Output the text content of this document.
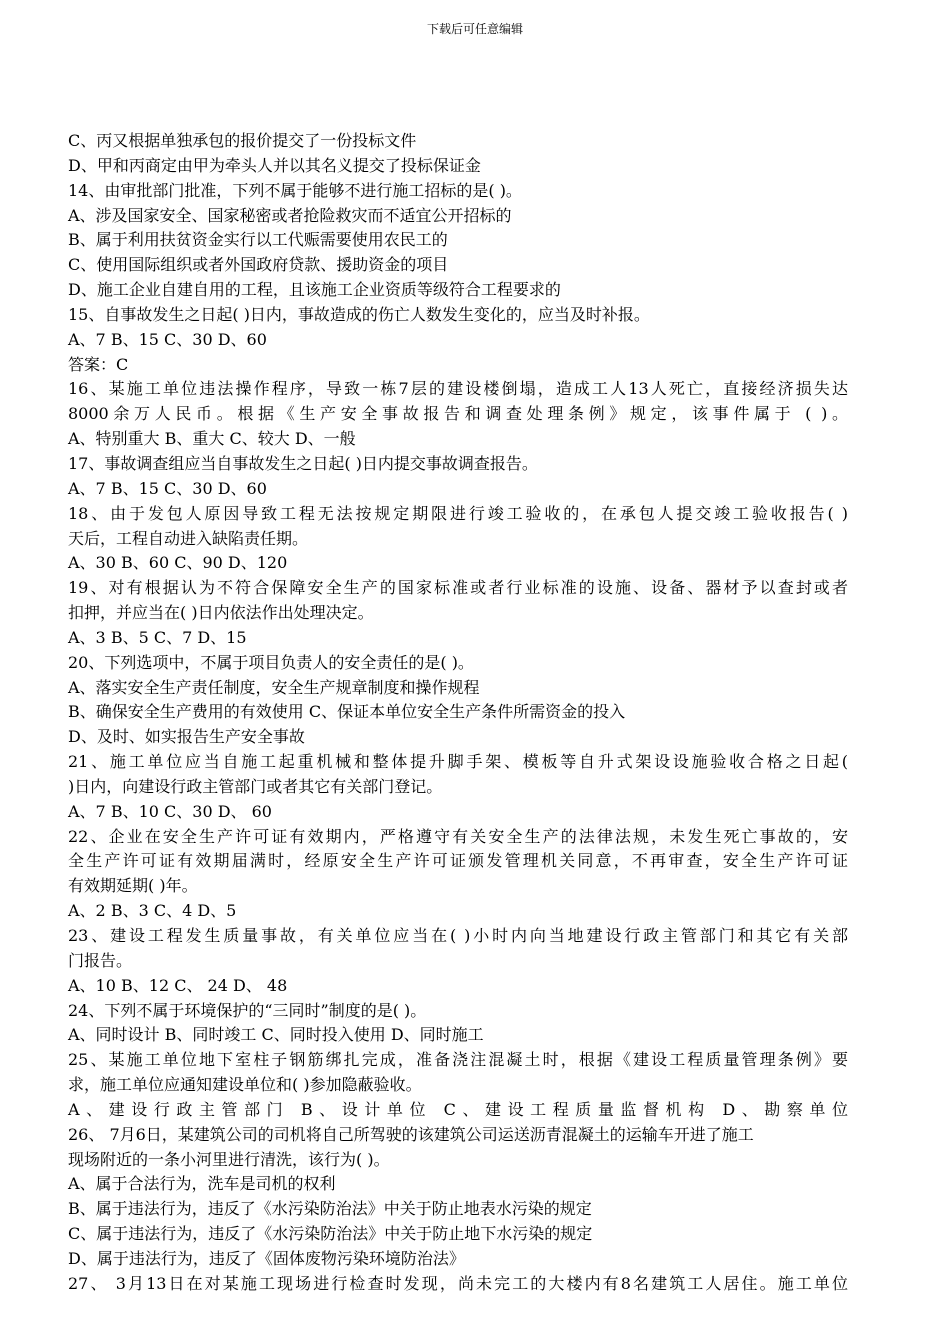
下载后可任意编辑
C、丙又根据单独承包的报价提交了一份投标文件
D、甲和丙商定由甲为牵头人并以其名义提交了投标保证金
14、由审批部门批准，下列不属于能够不进行施工招标的是( )。
A、涉及国家安全、国家秘密或者抢险救灾而不适宜公开招标的
B、属于利用扶贫资金实行以工代赈需要使用农民工的
C、使用国际组织或者外国政府贷款、援助资金的项目
D、施工企业自建自用的工程，且该施工企业资质等级符合工程要求的
15、自事故发生之日起( )日内，事故造成的伤亡人数发生变化的，应当及时补报。
A、7 B、15 C、30 D、60
答案：C
16、某施工单位违法操作程序，导致一栋7层的建设楼倒塌，造成工人13人死亡，直接经济损失达
8000余万人民币。根据《生产安全事故报告和调查处理条例》规定，该事件属于 ( )。
A、特别重大 B、重大 C、较大 D、一般
17、事故调查组应当自事故发生之日起( )日内提交事故调查报告。
A、7 B、15 C、30 D、60
18、由于发包人原因导致工程无法按规定期限进行竣工验收的，在承包人提交竣工验收报告( )
天后，工程自动进入缺陷责任期。
A、30 B、60 C、90 D、120
19、对有根据认为不符合保障安全生产的国家标准或者行业标准的设施、设备、器材予以查封或者
扣押，并应当在( )日内依法作出处理决定。
A、3 B、5 C、7 D、15
20、下列选项中，不属于项目负责人的安全责任的是( )。
A、落实安全生产责任制度，安全生产规章制度和操作规程
B、确保安全生产费用的有效使用 C、保证本单位安全生产条件所需资金的投入
D、及时、如实报告生产安全事故
21、施工单位应当自施工起重机械和整体提升脚手架、模板等自升式架设设施验收合格之日起(
)日内，向建设行政主管部门或者其它有关部门登记。
A、7 B、10 C、30 D、 60
22、企业在安全生产许可证有效期内，严格遵守有关安全生产的法律法规，未发生死亡事故的，安
全生产许可证有效期届满时，经原安全生产许可证颁发管理机关同意，不再审查，安全生产许可证
有效期延期( )年。
A、2 B、3 C、4 D、5
23、建设工程发生质量事故，有关单位应当在( )小时内向当地建设行政主管部门和其它有关部
门报告。
A、10 B、12 C、 24 D、 48
24、下列不属于环境保护的“三同时”制度的是( )。
A、同时设计 B、同时竣工 C、同时投入使用 D、同时施工
25、某施工单位地下室柱子钢筋绑扎完成，准备浇注混凝土时，根据《建设工程质量管理条例》要
求，施工单位应通知建设单位和( )参加隐蔽验收。
A、建设行政主管部门 B、设计单位 C、建设工程质量监督机构 D、勘察单位
26、 7月6日，某建筑公司的司机将自己所驾驶的该建筑公司运送沥青混凝土的运输车开进了施工
现场附近的一条小河里进行清洗，该行为( )。
A、属于合法行为，洗车是司机的权利
B、属于违法行为，违反了《水污染防治法》中关于防止地表水污染的规定
C、属于违法行为，违反了《水污染防治法》中关于防止地下水污染的规定
D、属于违法行为，违反了《固体废物污染环境防治法》
27、 3月13日在对某施工现场进行检查时发现，尚未完工的大楼内有8名建筑工人居住。施工单位
